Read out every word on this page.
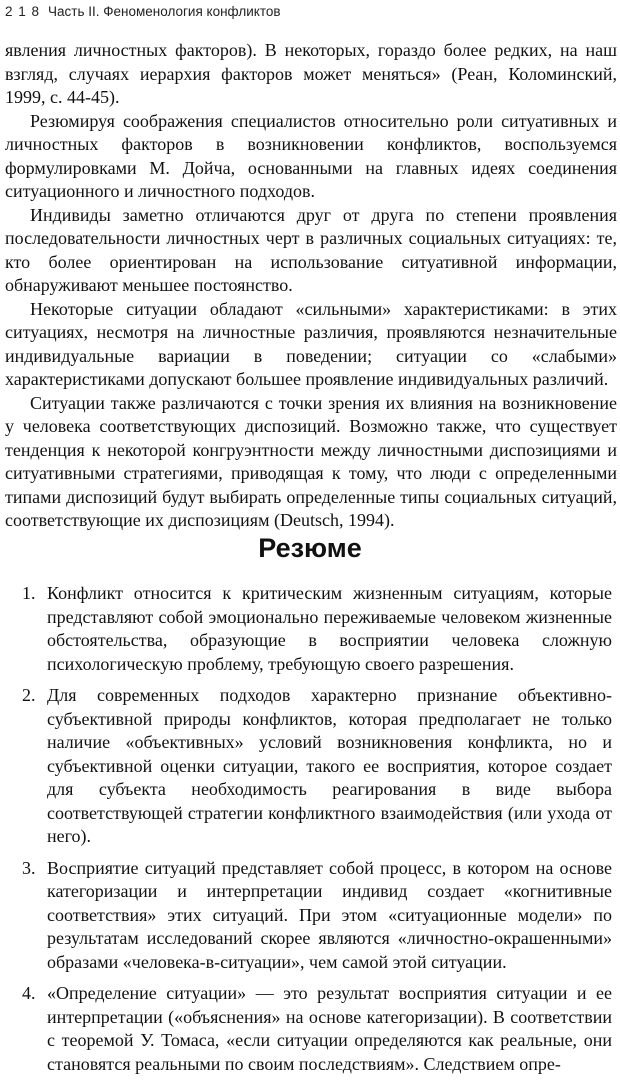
2 1 8 Часть II. Феноменология конфликтов

явления личностных факторов). В некоторых, гораздо более редких, на наш взгляд, случаях иерархия факторов может меняться» (Реан, Коломинский, 1999, с. 44-45).

Резюмируя соображения специалистов относительно роли ситуативных и личностных факторов в возникновении конфликтов, воспользуемся формулировками М. Дойча, основанными на главных идеях соединения ситуационного и личностного подходов.

Индивиды заметно отличаются друг от друга по степени проявления последовательности личностных черт в различных социальных ситуациях: те, кто более ориентирован на использование ситуативной информации, обнаруживают меньшее постоянство.

Некоторые ситуации обладают «сильными» характеристиками: в этих ситуациях, несмотря на личностные различия, проявляются незначительные индивидуальные вариации в поведении; ситуации со «слабыми» характеристиками допускают большее проявление индивидуальных различий.

Ситуации также различаются с точки зрения их влияния на возникновение у человека соответствующих диспозиций. Возможно также, что существует тенденция к некоторой конгруэнтности между личностными диспозициями и ситуативными стратегиями, приводящая к тому, что люди с определенными типами диспозиций будут выбирать определенные типы социальных ситуаций, соответствующие их диспозициям (Deutsch, 1994).

Резюме
1. Конфликт относится к критическим жизненным ситуациям, которые представляют собой эмоционально переживаемые человеком жизненные обстоятельства, образующие в восприятии человека сложную психологическую проблему, требующую своего разрешения.
2. Для современных подходов характерно признание объективно-субъективной природы конфликтов, которая предполагает не только наличие «объективных» условий возникновения конфликта, но и субъективной оценки ситуации, такого ее восприятия, которое создает для субъекта необходимость реагирования в виде выбора соответствующей стратегии конфликтного взаимодействия (или ухода от него).
3. Восприятие ситуаций представляет собой процесс, в котором на основе категоризации и интерпретации индивид создает «когнитивные соответствия» этих ситуаций. При этом «ситуационные модели» по результатам исследований скорее являются «личностно-окрашенными» образами «человека-в-ситуации», чем самой этой ситуации.
4. «Определение ситуации» — это результат восприятия ситуации и ее интерпретации («объяснения» на основе категоризации). В соответствии с теоремой У. Томаса, «если ситуации определяются как реальные, они становятся реальными по своим последствиям». Следствием опре-
